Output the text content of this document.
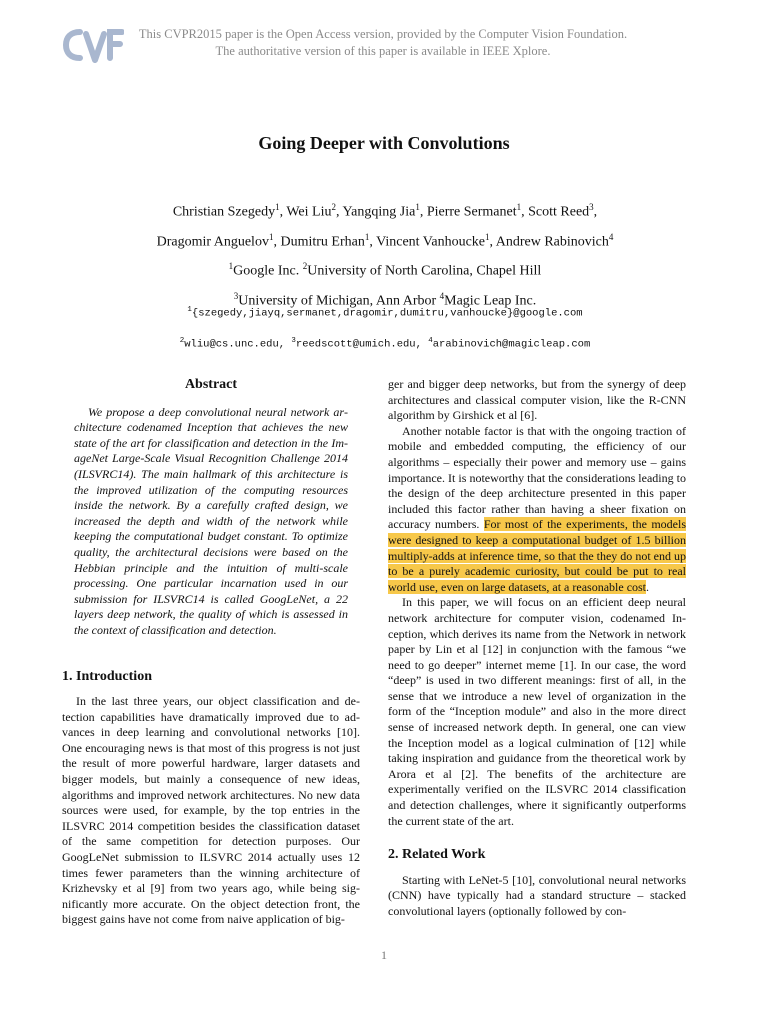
This CVPR2015 paper is the Open Access version, provided by the Computer Vision Foundation.
The authoritative version of this paper is available in IEEE Xplore.
Going Deeper with Convolutions
Christian Szegedy$^1$, Wei Liu$^2$, Yangqing Jia$^1$, Pierre Sermanet$^1$, Scott Reed$^3$,
Dragomir Anguelov$^1$, Dumitru Erhan$^1$, Vincent Vanhoucke$^1$, Andrew Rabinovich$^4$
$^1$Google Inc. $^2$University of North Carolina, Chapel Hill
$^3$University of Michigan, Ann Arbor $^4$Magic Leap Inc.
$^1${szegedy,jiayq,sermanet,dragomir,dumitru,vanhoucke}@google.com
$^2$wliu@cs.unc.edu, $^3$reedscott@umich.edu, $^4$arabinovich@magicleap.com
Abstract

We propose a deep convolutional neural network architecture codenamed Inception that achieves the new state of the art for classification and detection in the ImageNet Large-Scale Visual Recognition Challenge 2014 (ILSVRC14). The main hallmark of this architecture is the improved utilization of the computing resources inside the network. By a carefully crafted design, we increased the depth and width of the network while keeping the computational budget constant. To optimize quality, the architectural decisions were based on the Hebbian principle and the intuition of multi-scale processing. One particular incarnation used in our submission for ILSVRC14 is called GoogLeNet, a 22 layers deep network, the quality of which is assessed in the context of classification and detection.

1. Introduction

In the last three years, our object classification and detection capabilities have dramatically improved due to advances in deep learning and convolutional networks [10]. One encouraging news is that most of this progress is not just the result of more powerful hardware, larger datasets and bigger models, but mainly a consequence of new ideas, algorithms and improved network architectures. No new data sources were used, for example, by the top entries in the ILSVRC 2014 competition besides the classification dataset of the same competition for detection purposes. Our GoogLeNet submission to ILSVRC 2014 actually uses 12 times fewer parameters than the winning architecture of Krizhevsky et al [9] from two years ago, while being significantly more accurate. On the object detection front, the biggest gains have not come from naive application of big-

ger and bigger deep networks, but from the synergy of deep architectures and classical computer vision, like the R-CNN algorithm by Girshick et al [6].

Another notable factor is that with the ongoing traction of mobile and embedded computing, the efficiency of our algorithms – especially their power and memory use – gains importance. It is noteworthy that the considerations leading to the design of the deep architecture presented in this paper included this factor rather than having a sheer fixation on accuracy numbers. For most of the experiments, the models were designed to keep a computational budget of 1.5 billion multiply-adds at inference time, so that the they do not end up to be a purely academic curiosity, but could be put to real world use, even on large datasets, at a reasonable cost.

In this paper, we will focus on an efficient deep neural network architecture for computer vision, codenamed Inception, which derives its name from the Network in network paper by Lin et al [12] in conjunction with the famous “we need to go deeper” internet meme [1]. In our case, the word “deep” is used in two different meanings: first of all, in the sense that we introduce a new level of organization in the form of the “Inception module” and also in the more direct sense of increased network depth. In general, one can view the Inception model as a logical culmination of [12] while taking inspiration and guidance from the theoretical work by Arora et al [2]. The benefits of the architecture are experimentally verified on the ILSVRC 2014 classification and detection challenges, where it significantly outperforms the current state of the art.

2. Related Work

Starting with LeNet-5 [10], convolutional neural networks (CNN) have typically had a standard structure – stacked convolutional layers (optionally followed by con-

1
